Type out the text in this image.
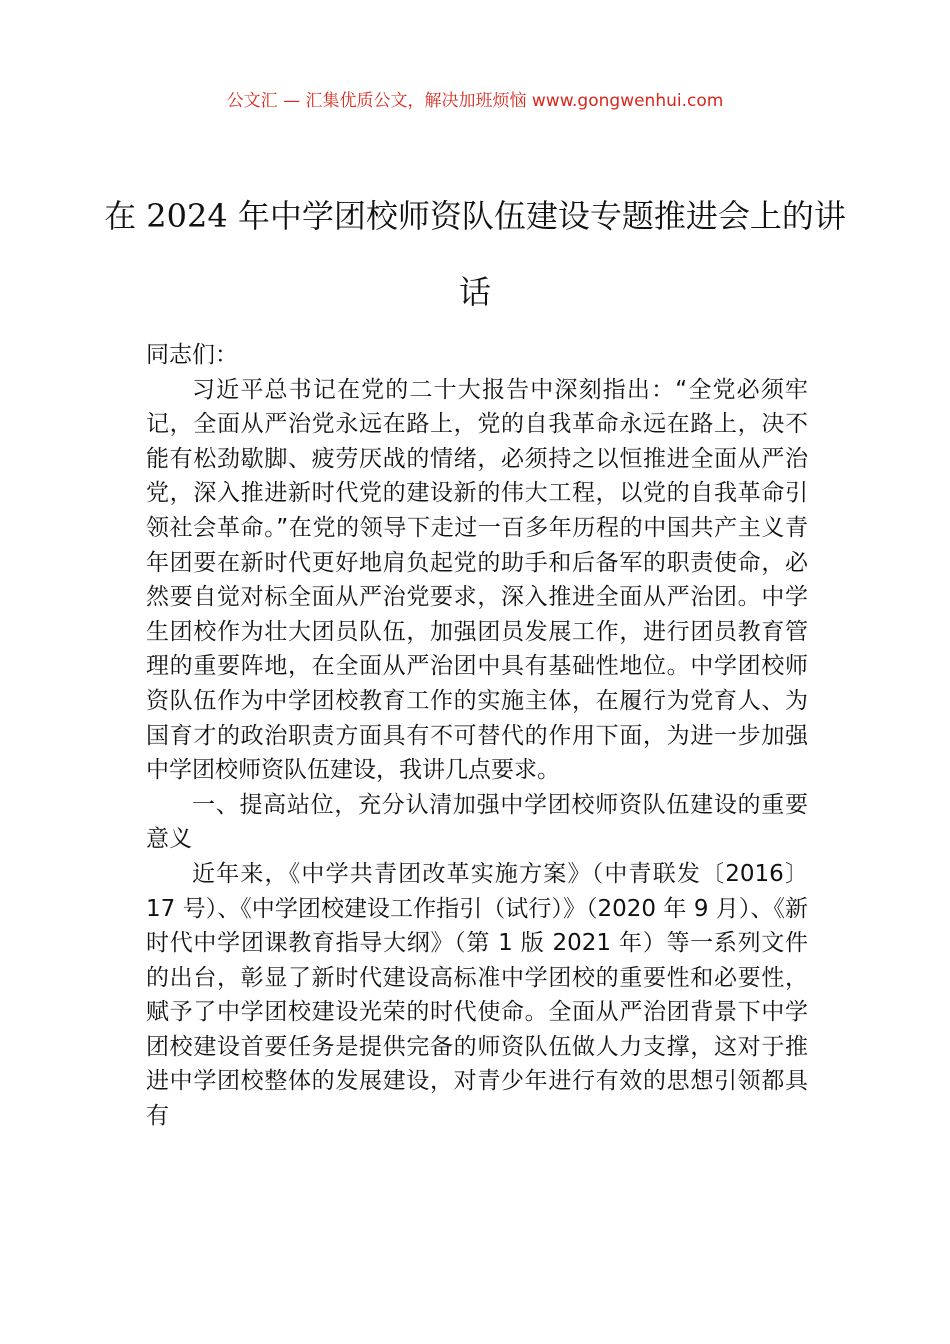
公文汇 — 汇集优质公文，解决加班烦恼 www.gongwenhui.com
在 2024 年中学团校师资队伍建设专题推进会上的讲话

同志们：

习近平总书记在党的二十大报告中深刻指出：“全党必须牢记，全面从严治党永远在路上，党的自我革命永远在路上，决不能有松劲歇脚、疲劳厌战的情绪，必须持之以恒推进全面从严治党，深入推进新时代党的建设新的伟大工程，以党的自我革命引领社会革命。”在党的领导下走过一百多年历程的中国共产主义青年团要在新时代更好地肩负起党的助手和后备军的职责使命，必然要自觉对标全面从严治党要求，深入推进全面从严治团。中学生团校作为壮大团员队伍，加强团员发展工作，进行团员教育管理的重要阵地，在全面从严治团中具有基础性地位。中学团校师资队伍作为中学团校教育工作的实施主体，在履行为党育人、为国育才的政治职责方面具有不可替代的作用下面，为进一步加强中学团校师资队伍建设，我讲几点要求。

一、提高站位，充分认清加强中学团校师资队伍建设的重要意义

近年来，《中学共青团改革实施方案》（中青联发〔2016〕17 号）、《中学团校建设工作指引（试行）》（2020 年 9 月）、《新时代中学团课教育指导大纲》（第 1 版 2021 年）等一系列文件的出台，彰显了新时代建设高标准中学团校的重要性和必要性，赋予了中学团校建设光荣的时代使命。全面从严治团背景下中学团校建设首要任务是提供完备的师资队伍做人力支撑，这对于推进中学团校整体的发展建设，对青少年进行有效的思想引领都具有
